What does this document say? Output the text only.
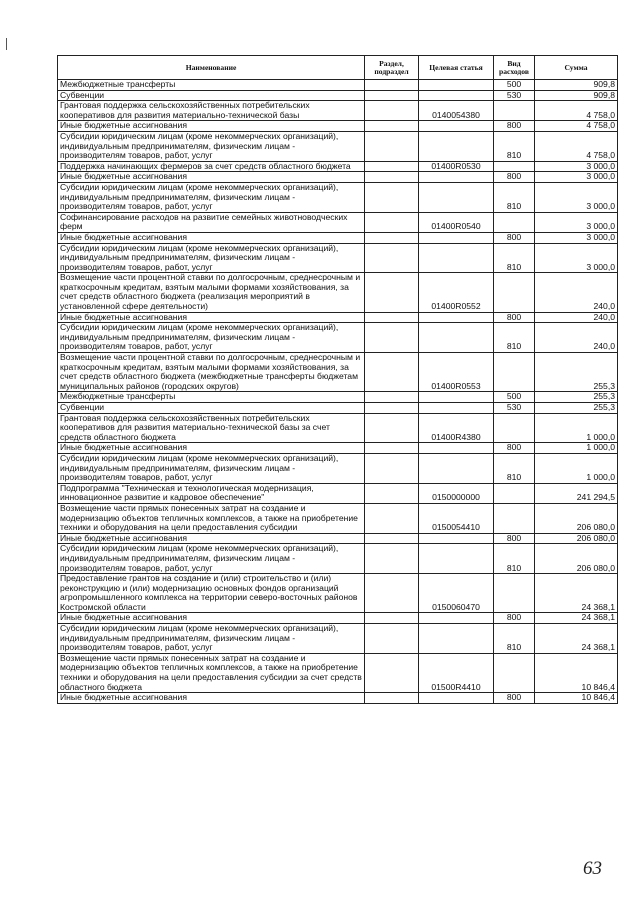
Наименование	Раздел, подраздел	Целевая статья	Вид расходов	Сумма
Межбюджетные трансферты			500	909,8
Субвенции			530	909,8
Грантовая поддержка сельскохозяйственных потребительских кооперативов для развития материально-технической базы		0140054380		4 758,0
Иные бюджетные ассигнования			800	4 758,0
Субсидии юридическим лицам (кроме некоммерческих организаций), индивидуальным предпринимателям, физическим лицам - производителям товаров, работ, услуг			810	4 758,0
Поддержка начинающих фермеров за счет средств областного бюджета		01400R0530		3 000,0
Иные бюджетные ассигнования			800	3 000,0
Субсидии юридическим лицам (кроме некоммерческих организаций), индивидуальным предпринимателям, физическим лицам - производителям товаров, работ, услуг			810	3 000,0
Софинансирование расходов на развитие семейных животноводческих ферм		01400R0540		3 000,0
Иные бюджетные ассигнования			800	3 000,0
Субсидии юридическим лицам (кроме некоммерческих организаций), индивидуальным предпринимателям, физическим лицам - производителям товаров, работ, услуг			810	3 000,0
Возмещение части процентной ставки по долгосрочным, среднесрочным и краткосрочным кредитам, взятым малыми формами хозяйствования, за счет средств областного бюджета (реализация мероприятий в установленной сфере деятельности)		01400R0552		240,0
Иные бюджетные ассигнования			800	240,0
Субсидии юридическим лицам (кроме некоммерческих организаций), индивидуальным предпринимателям, физическим лицам - производителям товаров, работ, услуг			810	240,0
Возмещение части процентной ставки по долгосрочным, среднесрочным и краткосрочным кредитам, взятым малыми формами хозяйствования, за счет средств областного бюджета (межбюджетные трансферты бюджетам муниципальных районов (городских округов)		01400R0553		255,3
Межбюджетные трансферты			500	255,3
Субвенции			530	255,3
Грантовая поддержка сельскохозяйственных потребительских кооперативов для развития материально-технической базы за счет средств областного бюджета		01400R4380		1 000,0
Иные бюджетные ассигнования			800	1 000,0
Субсидии юридическим лицам (кроме некоммерческих организаций), индивидуальным предпринимателям, физическим лицам - производителям товаров, работ, услуг			810	1 000,0
Подпрограмма "Техническая и технологическая модернизация, инновационное развитие и кадровое обеспечение"		0150000000		241 294,5
Возмещение части прямых понесенных затрат на создание и модернизацию объектов тепличных комплексов, а также на приобретение техники и оборудования на цели предоставления субсидии		0150054410		206 080,0
Иные бюджетные ассигнования			800	206 080,0
Субсидии юридическим лицам (кроме некоммерческих организаций), индивидуальным предпринимателям, физическим лицам - производителям товаров, работ, услуг			810	206 080,0
Предоставление грантов на создание и (или) строительство и (или) реконструкцию и (или) модернизацию основных фондов организаций агропромышленного комплекса на территории северо-восточных районов Костромской области		0150060470		24 368,1
Иные бюджетные ассигнования			800	24 368,1
Субсидии юридическим лицам (кроме некоммерческих организаций), индивидуальным предпринимателям, физическим лицам - производителям товаров, работ, услуг			810	24 368,1
Возмещение части прямых понесенных затрат на создание и модернизацию объектов тепличных комплексов, а также на приобретение техники и оборудования на цели предоставления субсидии за счет средств областного бюджета		01500R4410		10 846,4
Иные бюджетные ассигнования			800	10 846,4
63
